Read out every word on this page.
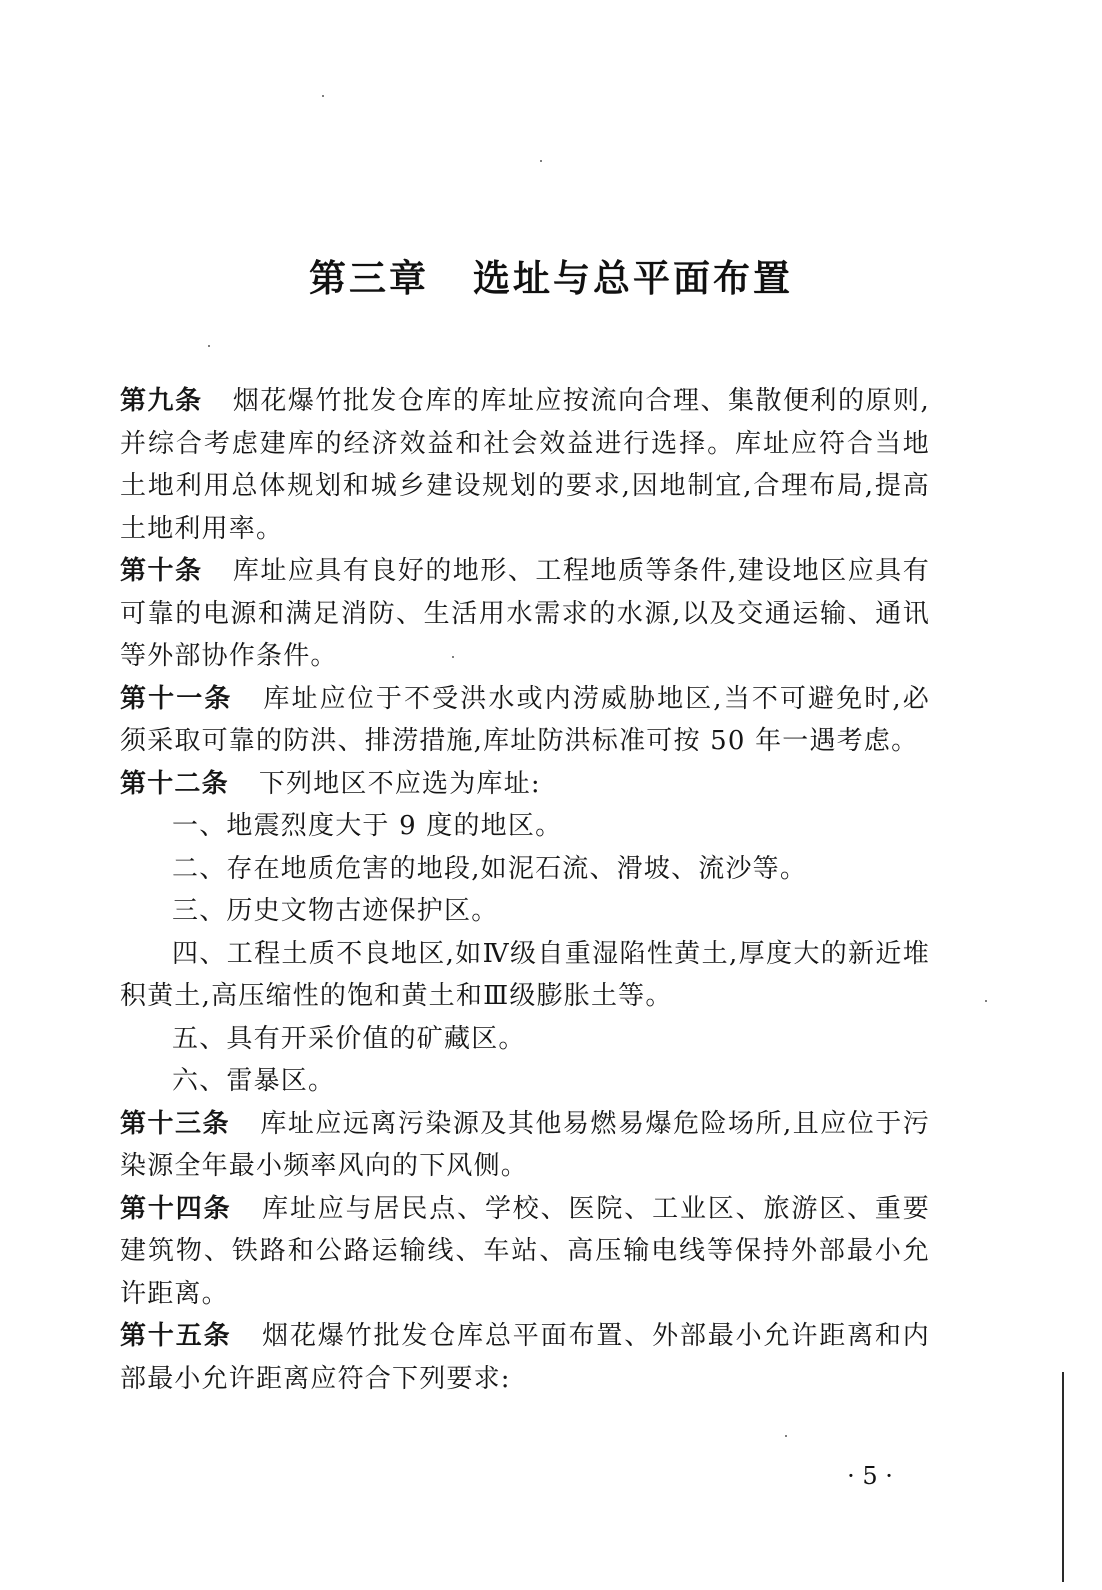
第三章 选址与总平面布置

第九条 烟花爆竹批发仓库的库址应按流向合理、集散便利的原则,并综合考虑建库的经济效益和社会效益进行选择。库址应符合当地土地利用总体规划和城乡建设规划的要求,因地制宜,合理布局,提高土地利用率。

第十条 库址应具有良好的地形、工程地质等条件,建设地区应具有可靠的电源和满足消防、生活用水需求的水源,以及交通运输、通讯等外部协作条件。

第十一条 库址应位于不受洪水或内涝威胁地区,当不可避免时,必须采取可靠的防洪、排涝措施,库址防洪标准可按 50 年一遇考虑。

第十二条 下列地区不应选为库址:

一、地震烈度大于 9 度的地区。

二、存在地质危害的地段,如泥石流、滑坡、流沙等。

三、历史文物古迹保护区。

四、工程土质不良地区,如Ⅳ级自重湿陷性黄土,厚度大的新近堆积黄土,高压缩性的饱和黄土和Ⅲ级膨胀土等。

五、具有开采价值的矿藏区。

六、雷暴区。

第十三条 库址应远离污染源及其他易燃易爆危险场所,且应位于污染源全年最小频率风向的下风侧。

第十四条 库址应与居民点、学校、医院、工业区、旅游区、重要建筑物、铁路和公路运输线、车站、高压输电线等保持外部最小允许距离。

第十五条 烟花爆竹批发仓库总平面布置、外部最小允许距离和内部最小允许距离应符合下列要求:

· 5 ·
